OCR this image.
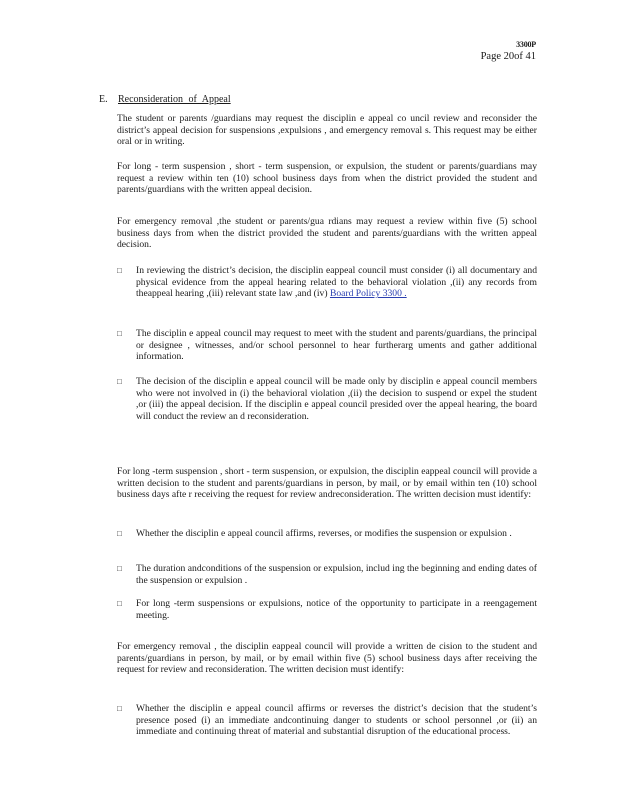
3300P
Page 20of 41
E. Reconsideration of Appeal

The student or parents /guardians may request the disciplin e appeal co uncil review and reconsider the district’s appeal decision for suspensions ,expulsions , and emergency removal s. This request may be either oral or in writing.

For long - term suspension , short - term suspension, or expulsion, the student or parents/guardians may request a review within ten (10) school business days from when the district provided the student and parents/guardians with the written appeal decision.

For emergency removal ,the student or parents/gua rdians may request a review within five (5) school business days from when the district provided the student and parents/guardians with the written appeal decision.

□ In reviewing the district’s decision, the disciplin eappeal council must consider (i) all documentary and physical evidence from the appeal hearing related to the behavioral violation ,(ii) any records from theappeal hearing ,(iii) relevant state law ,and (iv) Board Policy 3300 .
□ The disciplin e appeal council may request to meet with the student and parents/guardians, the principal or designee , witnesses, and/or school personnel to hear furtherarg uments and gather additional information.
□ The decision of the disciplin e appeal council will be made only by disciplin e appeal council members who were not involved in (i) the behavioral violation ,(ii) the decision to suspend or expel the student ,or (iii) the appeal decision. If the disciplin e appeal council presided over the appeal hearing, the board will conduct the review an d reconsideration.

For long -term suspension , short - term suspension, or expulsion, the disciplin eappeal council will provide a written decision to the student and parents/guardians in person, by mail, or by email within ten (10) school business days afte r receiving the request for review andreconsideration. The written decision must identify:

□ Whether the disciplin e appeal council affirms, reverses, or modifies the suspension or expulsion .
□ The duration andconditions of the suspension or expulsion, includ ing the beginning and ending dates of the suspension or expulsion .
□ For long -term suspensions or expulsions, notice of the opportunity to participate in a reengagement meeting.

For emergency removal , the disciplin eappeal council will provide a written de cision to the student and parents/guardians in person, by mail, or by email within five (5) school business days after receiving the request for review and reconsideration. The written decision must identify:

□ Whether the disciplin e appeal council affirms or reverses the district’s decision that the student’s presence posed (i) an immediate andcontinuing danger to students or school personnel ,or (ii) an immediate and continuing threat of material and substantial disruption of the educational process.
